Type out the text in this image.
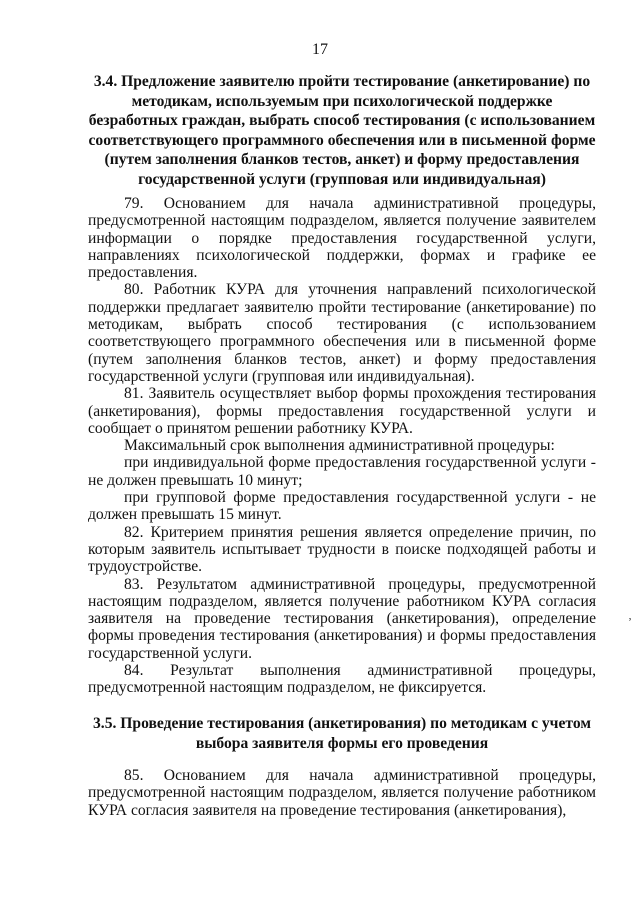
17
3.4. Предложение заявителю пройти тестирование (анкетирование) по методикам, используемым при психологической поддержке безработных граждан, выбрать способ тестирования (с использованием соответствующего программного обеспечения или в письменной форме (путем заполнения бланков тестов, анкет) и форму предоставления государственной услуги (групповая или индивидуальная)

79. Основанием для начала административной процедуры, предусмотренной настоящим подразделом, является получение заявителем информации о порядке предоставления государственной услуги, направлениях психологической поддержки, формах и графике ее предоставления.

80. Работник КУРА для уточнения направлений психологической поддержки предлагает заявителю пройти тестирование (анкетирование) по методикам, выбрать способ тестирования (с использованием соответствующего программного обеспечения или в письменной форме (путем заполнения бланков тестов, анкет) и форму предоставления государственной услуги (групповая или индивидуальная).

81. Заявитель осуществляет выбор формы прохождения тестирования (анкетирования), формы предоставления государственной услуги и сообщает о принятом решении работнику КУРА.

Максимальный срок выполнения административной процедуры:

при индивидуальной форме предоставления государственной услуги - не должен превышать 10 минут;

при групповой форме предоставления государственной услуги - не должен превышать 15 минут.

82. Критерием принятия решения является определение причин, по которым заявитель испытывает трудности в поиске подходящей работы и трудоустройстве.

83. Результатом административной процедуры, предусмотренной настоящим подразделом, является получение работником КУРА согласия заявителя на проведение тестирования (анкетирования), определение формы проведения тестирования (анкетирования) и формы предоставления государственной услуги.

84. Результат выполнения административной процедуры, предусмотренной настоящим подразделом, не фиксируется.

3.5. Проведение тестирования (анкетирования) по методикам с учетом выбора заявителя формы его проведения

85. Основанием для начала административной процедуры, предусмотренной настоящим подразделом, является получение работником КУРА согласия заявителя на проведение тестирования (анкетирования),

‚
